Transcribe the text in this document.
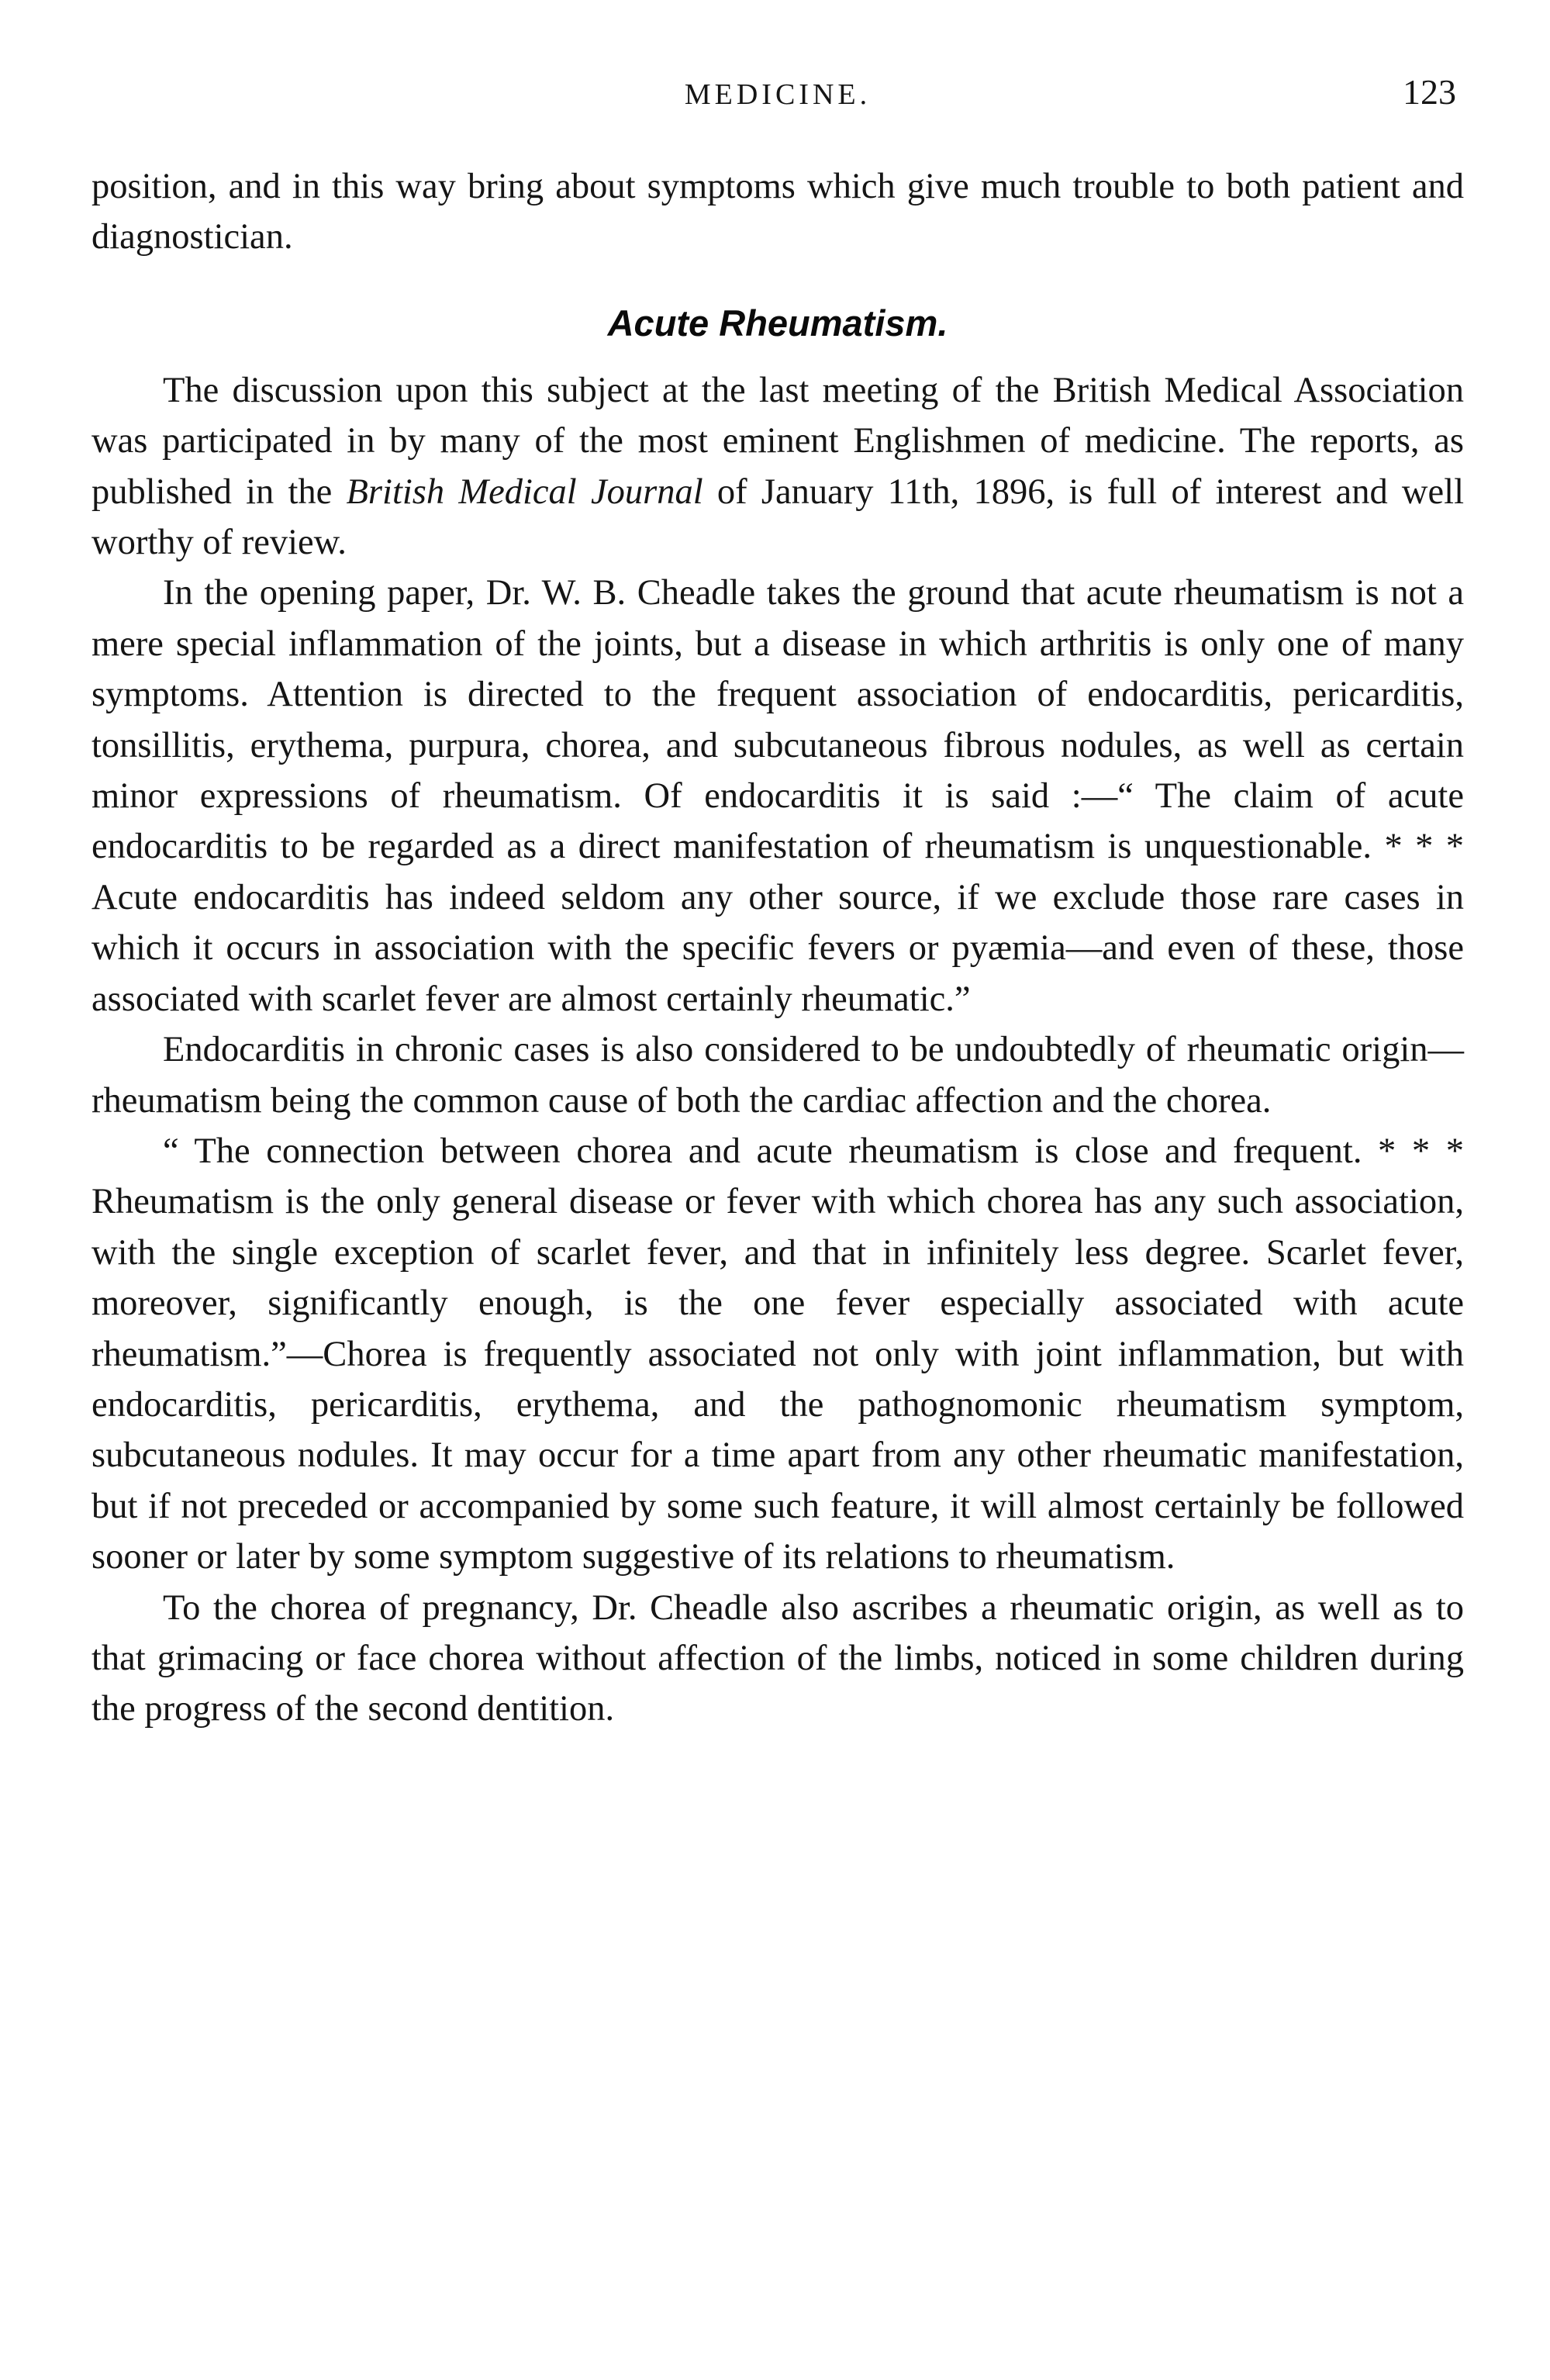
MEDICINE.	123

position, and in this way bring about symptoms which give much trouble to both patient and diagnostician.

Acute Rheumatism.

The discussion upon this subject at the last meeting of the British Medical Association was participated in by many of the most eminent Englishmen of medicine. The reports, as published in the British Medical Journal of January 11th, 1896, is full of interest and well worthy of review.

In the opening paper, Dr. W. B. Cheadle takes the ground that acute rheumatism is not a mere special inflammation of the joints, but a disease in which arthritis is only one of many symptoms. Attention is directed to the frequent association of endocarditis, pericarditis, tonsillitis, erythema, purpura, chorea, and subcutaneous fibrous nodules, as well as certain minor expressions of rheumatism. Of endocarditis it is said :—“ The claim of acute endocarditis to be regarded as a direct manifestation of rheumatism is unquestionable. * * * Acute endocarditis has indeed seldom any other source, if we exclude those rare cases in which it occurs in association with the specific fevers or pyæmia—and even of these, those associated with scarlet fever are almost certainly rheumatic.”

Endocarditis in chronic cases is also considered to be undoubtedly of rheumatic origin—rheumatism being the common cause of both the cardiac affection and the chorea.

“ The connection between chorea and acute rheumatism is close and frequent. * * * Rheumatism is the only general disease or fever with which chorea has any such association, with the single exception of scarlet fever, and that in infinitely less degree. Scarlet fever, moreover, significantly enough, is the one fever especially associated with acute rheumatism.”—Chorea is frequently associated not only with joint inflammation, but with endocarditis, pericarditis, erythema, and the pathognomonic rheumatism symptom, subcutaneous nodules. It may occur for a time apart from any other rheumatic manifestation, but if not preceded or accompanied by some such feature, it will almost certainly be followed sooner or later by some symptom suggestive of its relations to rheumatism.

To the chorea of pregnancy, Dr. Cheadle also ascribes a rheumatic origin, as well as to that grimacing or face chorea without affection of the limbs, noticed in some children during the progress of the second dentition.
